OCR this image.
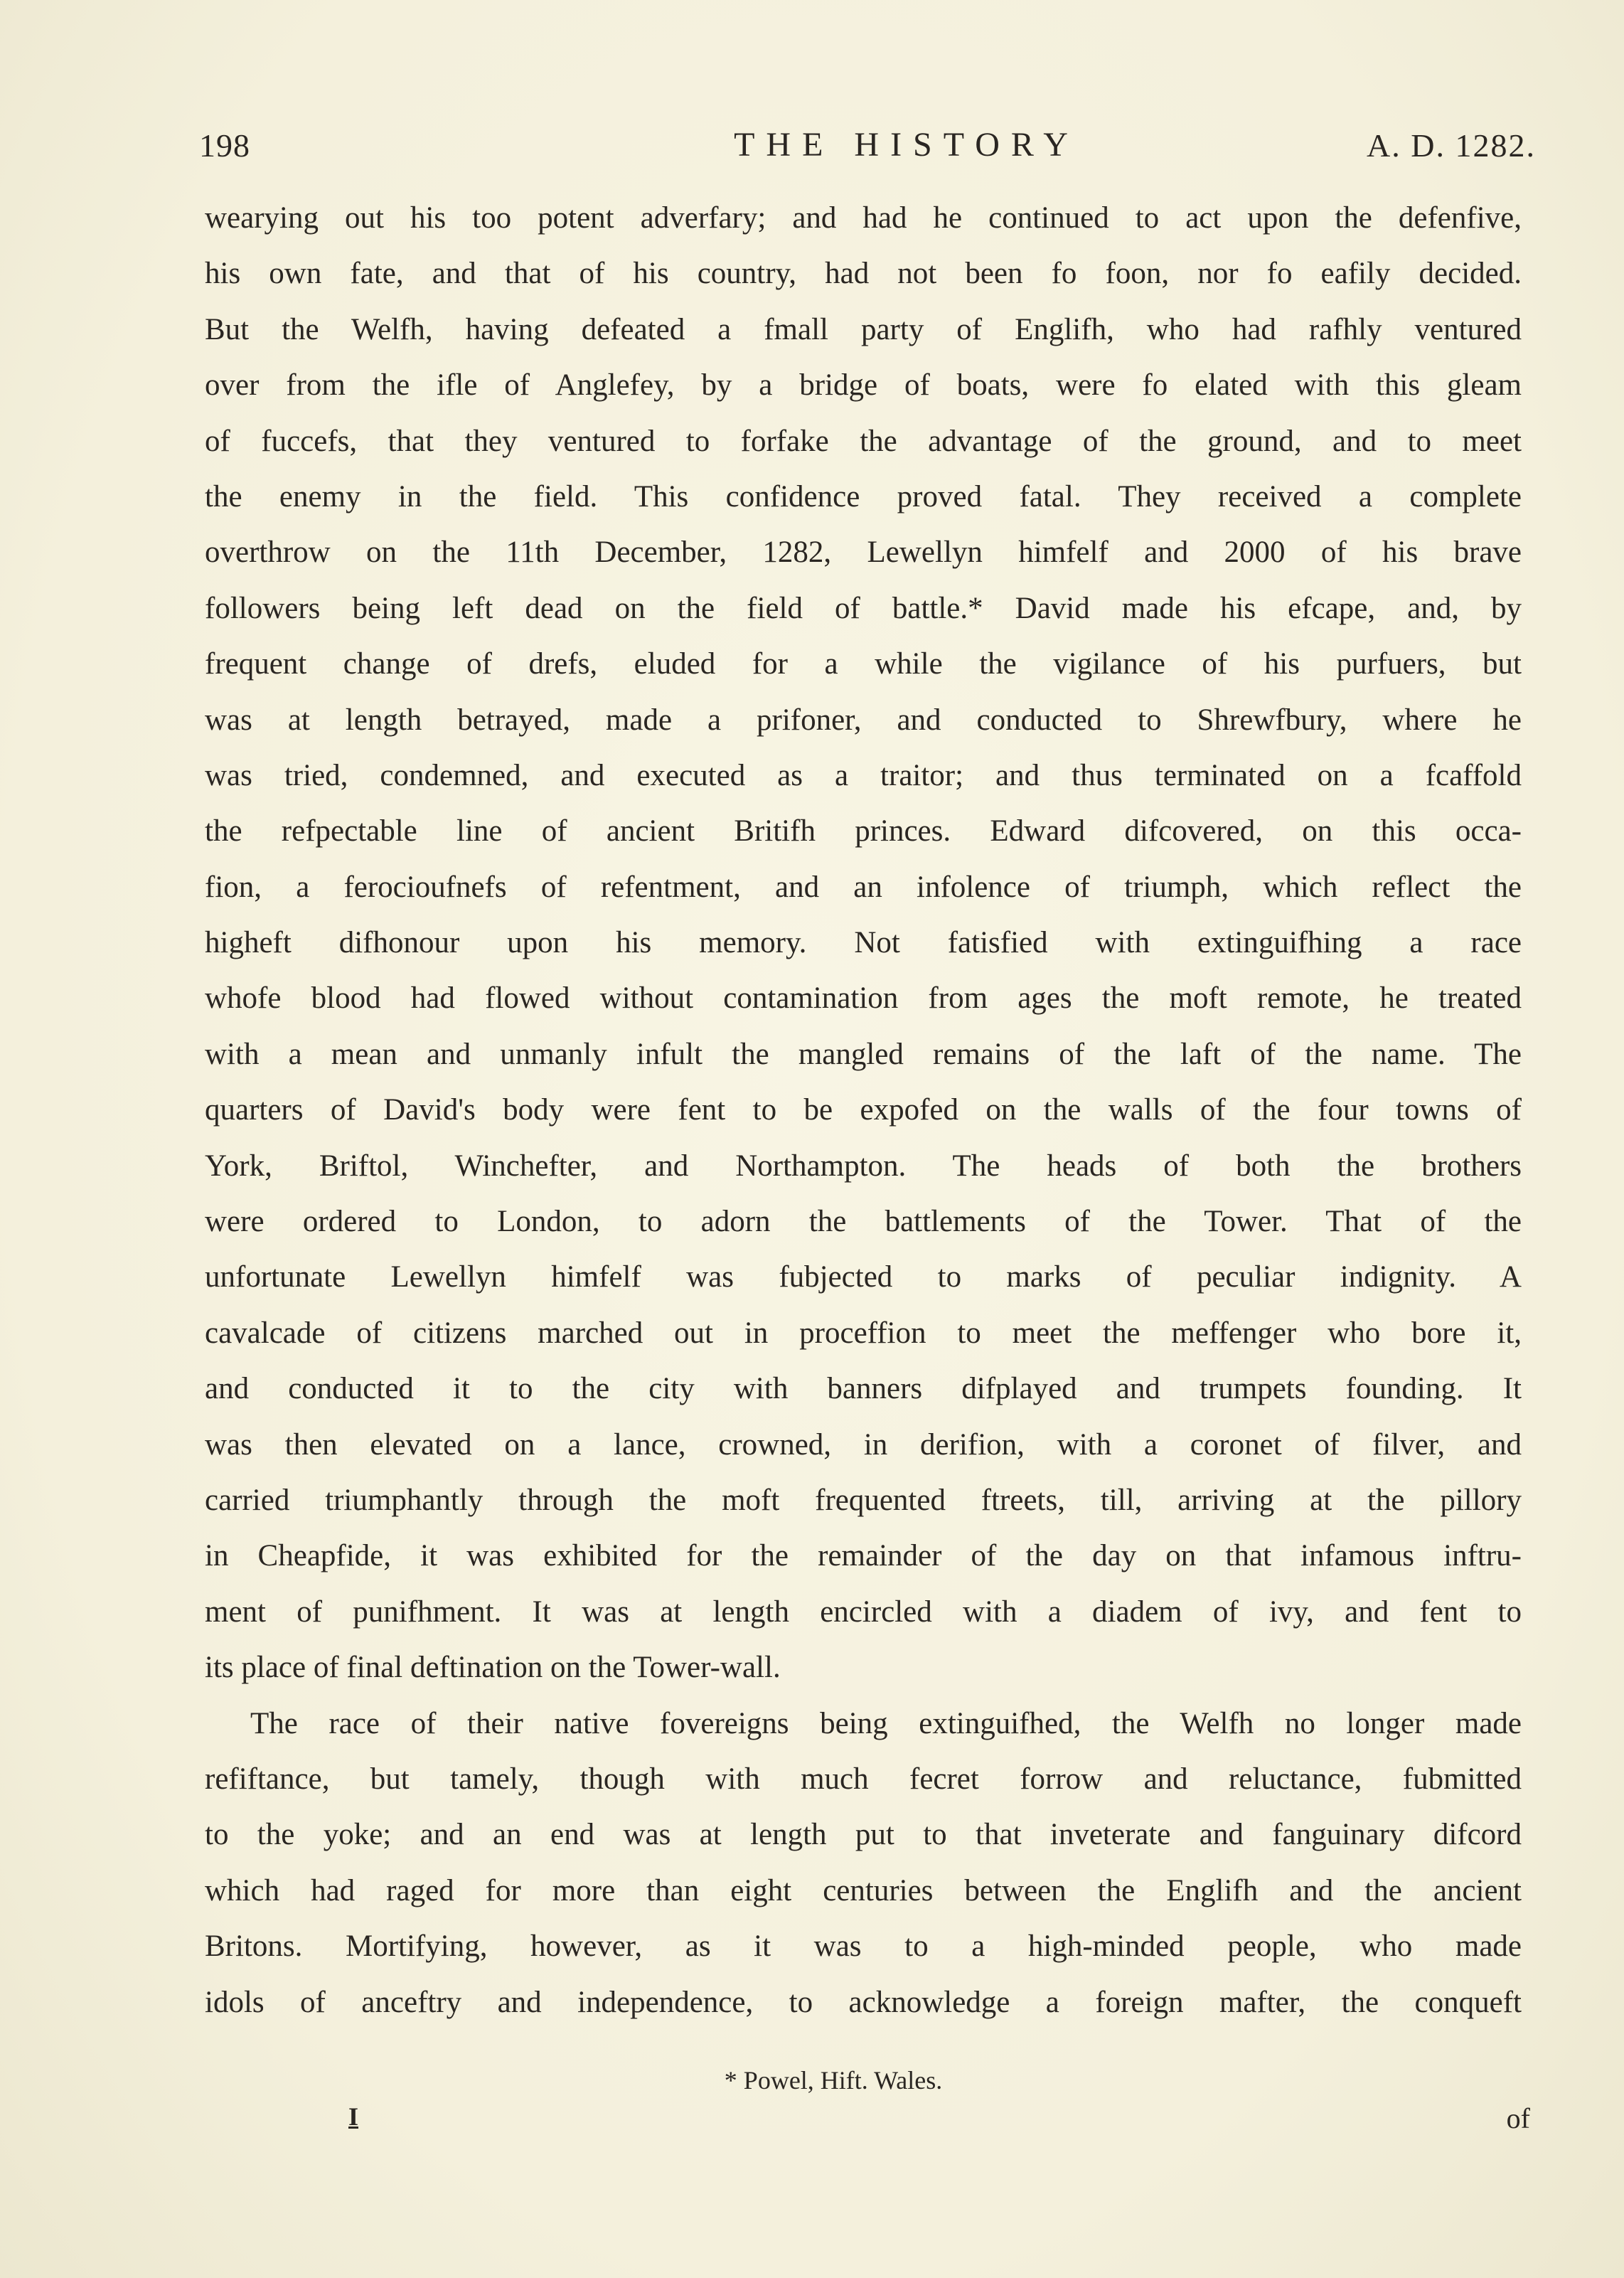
198	THE HISTORY	A. D. 1282.
wearying out his too potent adverfary; and had he continued to act upon the defenfive,
his own fate, and that of his country, had not been fo foon, nor fo eafily decided.
But the Welfh, having defeated a fmall party of Englifh, who had rafhly ventured
over from the ifle of Anglefey, by a bridge of boats, were fo elated with this gleam
of fuccefs, that they ventured to forfake the advantage of the ground, and to meet
the enemy in the field. This confidence proved fatal. They received a complete
overthrow on the 11th December, 1282, Lewellyn himfelf and 2000 of his brave
followers being left dead on the field of battle.* David made his efcape, and, by
frequent change of drefs, eluded for a while the vigilance of his purfuers, but
was at length betrayed, made a prifoner, and conducted to Shrewfbury, where he
was tried, condemned, and executed as a traitor; and thus terminated on a fcaffold
the refpectable line of ancient Britifh princes. Edward difcovered, on this occa-
fion, a ferocioufnefs of refentment, and an infolence of triumph, which reflect the
higheft difhonour upon his memory. Not fatisfied with extinguifhing a race
whofe blood had flowed without contamination from ages the moft remote, he treated
with a mean and unmanly infult the mangled remains of the laft of the name. The
quarters of David's body were fent to be expofed on the walls of the four towns of
York, Briftol, Winchefter, and Northampton. The heads of both the brothers
were ordered to London, to adorn the battlements of the Tower. That of the
unfortunate Lewellyn himfelf was fubjected to marks of peculiar indignity. A
cavalcade of citizens marched out in proceffion to meet the meffenger who bore it,
and conducted it to the city with banners difplayed and trumpets founding. It
was then elevated on a lance, crowned, in derifion, with a coronet of filver, and
carried triumphantly through the moft frequented ftreets, till, arriving at the pillory
in Cheapfide, it was exhibited for the remainder of the day on that infamous inftru-
ment of punifhment. It was at length encircled with a diadem of ivy, and fent to
its place of final deftination on the Tower-wall.
The race of their native fovereigns being extinguifhed, the Welfh no longer made
refiftance, but tamely, though with much fecret forrow and reluctance, fubmitted
to the yoke; and an end was at length put to that inveterate and fanguinary difcord
which had raged for more than eight centuries between the Englifh and the ancient
Britons. Mortifying, however, as it was to a high-minded people, who made
idols of anceftry and independence, to acknowledge a foreign mafter, the conqueft
* Powel, Hift. Wales.
I	of
